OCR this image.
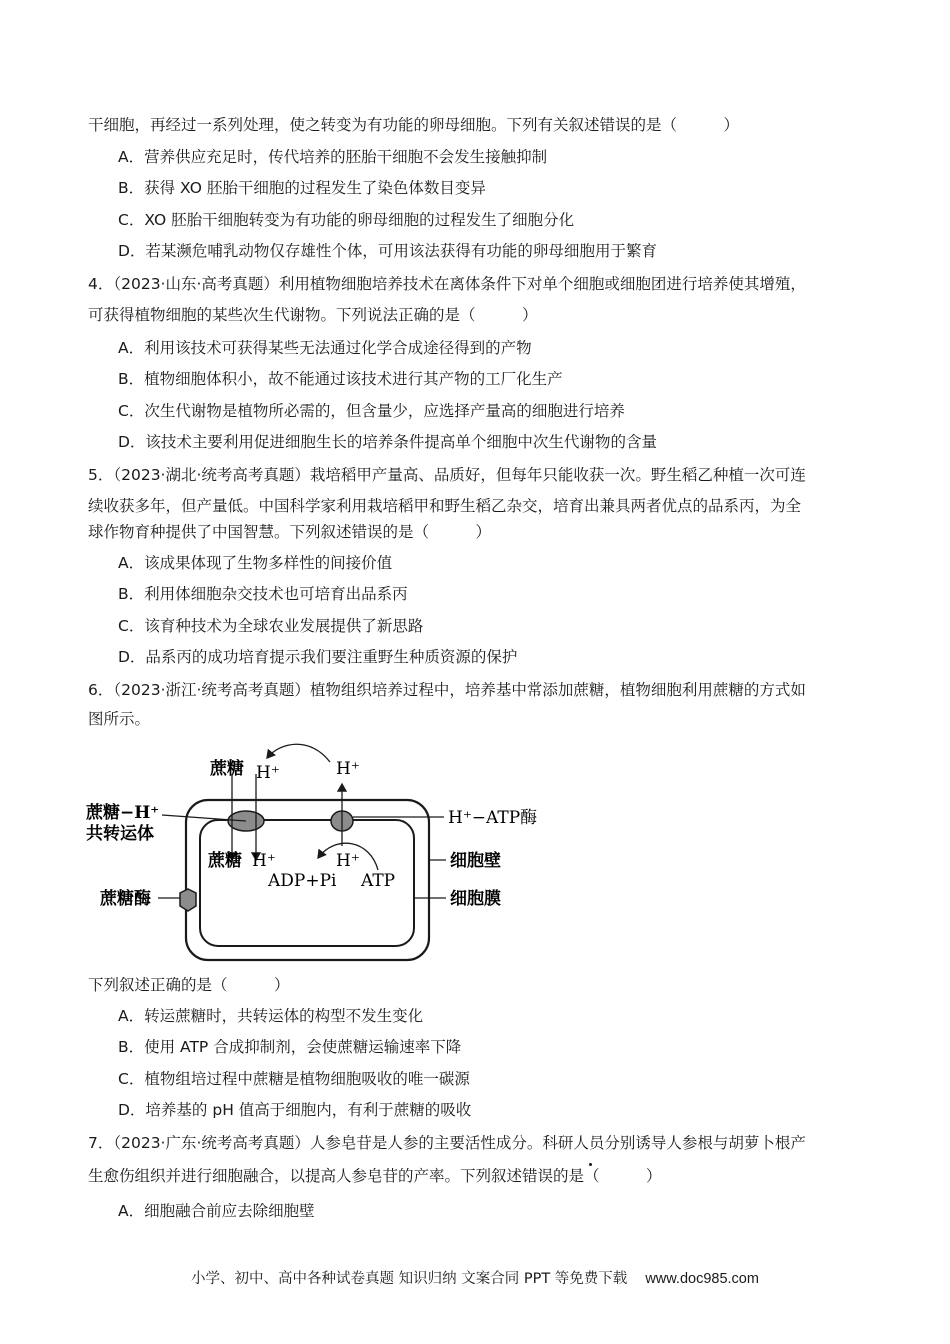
干细胞，再经过一系列处理，使之转变为有功能的卵母细胞。下列有关叙述错误的是（　　　）
A．营养供应充足时，传代培养的胚胎干细胞不会发生接触抑制
B．获得 XO 胚胎干细胞的过程发生了染色体数目变异
C．XO 胚胎干细胞转变为有功能的卵母细胞的过程发生了细胞分化
D．若某濒危哺乳动物仅存雄性个体，可用该法获得有功能的卵母细胞用于繁育
4．（2023·山东·高考真题）利用植物细胞培养技术在离体条件下对单个细胞或细胞团进行培养使其增殖，
可获得植物细胞的某些次生代谢物。下列说法正确的是（　　　）
A．利用该技术可获得某些无法通过化学合成途径得到的产物
B．植物细胞体积小，故不能通过该技术进行其产物的工厂化生产
C．次生代谢物是植物所必需的，但含量少，应选择产量高的细胞进行培养
D．该技术主要利用促进细胞生长的培养条件提高单个细胞中次生代谢物的含量
5．（2023·湖北·统考高考真题）栽培稻甲产量高、品质好，但每年只能收获一次。野生稻乙种植一次可连
续收获多年，但产量低。中国科学家利用栽培稻甲和野生稻乙杂交，培育出兼具两者优点的品系丙，为全
球作物育种提供了中国智慧。下列叙述错误的是（　　　）
A．该成果体现了生物多样性的间接价值
B．利用体细胞杂交技术也可培育出品系丙
C．该育种技术为全球农业发展提供了新思路
D．品系丙的成功培育提示我们要注重野生种质资源的保护
6．（2023·浙江·统考高考真题）植物组织培养过程中，培养基中常添加蔗糖，植物细胞利用蔗糖的方式如
图所示。
蔗糖 H⁺	H⁺
蔗糖−H⁺
共转运体
H⁺−ATP酶
蔗糖 H⁺	H⁺
ADP+Pi ATP
细胞壁
蔗糖酶	细胞膜
下列叙述正确的是（　　　）
A．转运蔗糖时，共转运体的构型不发生变化
B．使用 ATP 合成抑制剂，会使蔗糖运输速率下降
C．植物组培过程中蔗糖是植物细胞吸收的唯一碳源
D．培养基的 pH 值高于细胞内，有利于蔗糖的吸收
7．（2023·广东·统考高考真题）人参皂苷是人参的主要活性成分。科研人员分别诱导人参根与胡萝卜根产
生愈伤组织并进行细胞融合，以提高人参皂苷的产率。下列叙述错误的是（　　　）
A．细胞融合前应去除细胞壁
小学、初中、高中各种试卷真题 知识归纳 文案合同 PPT 等免费下载 www.doc985.com
